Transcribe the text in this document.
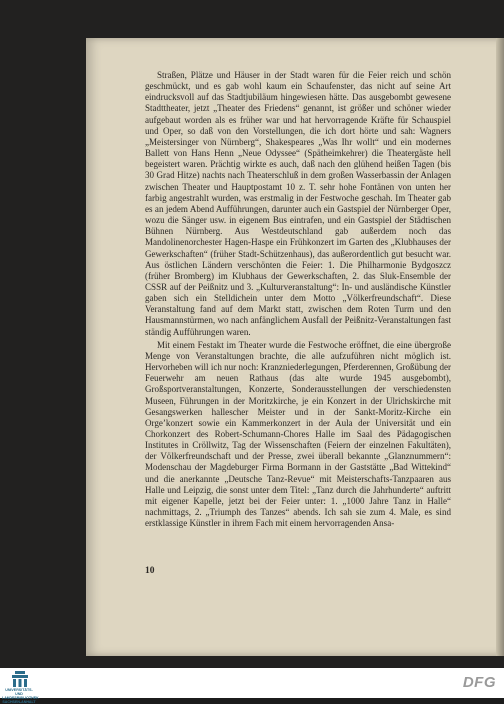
Straßen, Plätze und Häuser in der Stadt waren für die Feier reich und schön geschmückt, und es gab wohl kaum ein Schaufenster, das nicht auf seine Art eindrucksvoll auf das Stadtjubiläum hingewiesen hätte. Das ausgebombt gewesene Stadttheater, jetzt „Theater des Friedens“ genannt, ist größer und schöner wieder aufgebaut worden als es früher war und hat hervorragende Kräfte für Schauspiel und Oper, so daß von den Vorstellungen, die ich dort hörte und sah: Wagners „Meistersinger von Nürnberg“, Shakespeares „Was Ihr wollt“ und ein modernes Ballett von Hans Henn „Neue Odyssee“ (Spätheimkehrer) die Theatergäste hell begeistert waren. Prächtig wirkte es auch, daß nach den glühend heißen Tagen (bis 30 Grad Hitze) nachts nach Theaterschluß in dem großen Wasserbassin der Anlagen zwischen Theater und Hauptpostamt 10 z. T. sehr hohe Fontänen von unten her farbig angestrahlt wurden, was erstmalig in der Festwoche geschah. Im Theater gab es an jedem Abend Aufführungen, darunter auch ein Gastspiel der Nürnberger Oper, wozu die Sänger usw. in eigenem Bus eintrafen, und ein Gastspiel der Städtischen Bühnen Nürnberg. Aus Westdeutschland gab außerdem noch das Mandolinenorchester Hagen-Haspe ein Frühkonzert im Garten des „Klubhauses der Gewerkschaften“ (früher Stadt-Schützenhaus), das außerordentlich gut besucht war. Aus östlichen Ländern verschönten die Feier: 1. Die Philharmonie Bydgoszcz (früher Bromberg) im Klubhaus der Gewerkschaften, 2. das Sluk-Ensemble der CSSR auf der Peißnitz und 3. „Kulturveranstaltung“: In- und ausländische Künstler gaben sich ein Stelldichein unter dem Motto „Völkerfreundschaft“. Diese Veranstaltung fand auf dem Markt statt, zwischen dem Roten Turm und den Hausmannstürmen, wo nach anfänglichem Ausfall der Peißnitz-Veranstaltungen fast ständig Aufführungen waren.

Mit einem Festakt im Theater wurde die Festwoche eröffnet, die eine übergroße Menge von Veranstaltungen brachte, die alle aufzuführen nicht möglich ist. Hervorheben will ich nur noch: Kranzniederlegungen, Pferderennen, Großübung der Feuerwehr am neuen Rathaus (das alte wurde 1945 ausgebombt), Großsportveranstaltungen, Konzerte, Sonderausstellungen der verschiedensten Museen, Führungen in der Moritzkirche, je ein Konzert in der Ulrichskirche mit Gesangswerken hallescher Meister und in der Sankt-Moritz-Kirche ein Orge’konzert sowie ein Kammerkonzert in der Aula der Universität und ein Chorkonzert des Robert-Schumann-Chores Halle im Saal des Pädagogischen Institutes in Cröllwitz, Tag der Wissenschaften (Feiern der einzelnen Fakultäten), der Völkerfreundschaft und der Presse, zwei überall bekannte „Glanznummern“: Modenschau der Magdeburger Firma Bormann in der Gaststätte „Bad Wittekind“ und die anerkannte „Deutsche Tanz-Revue“ mit Meisterschafts-Tanzpaaren aus Halle und Leipzig, die sonst unter dem Titel: „Tanz durch die Jahrhunderte“ auftritt mit eigener Kapelle, jetzt bei der Feier unter: 1. „1000 Jahre Tanz in Halle“ nachmittags, 2. „Triumph des Tanzes“ abends. Ich sah sie zum 4. Male, es sind erstklassige Künstler in ihrem Fach mit einem hervorragenden Ansa-

10
UNIVERSITÄTS- UND LANDESBIBLIOTHEK SACHSEN-ANHALT
DFG
